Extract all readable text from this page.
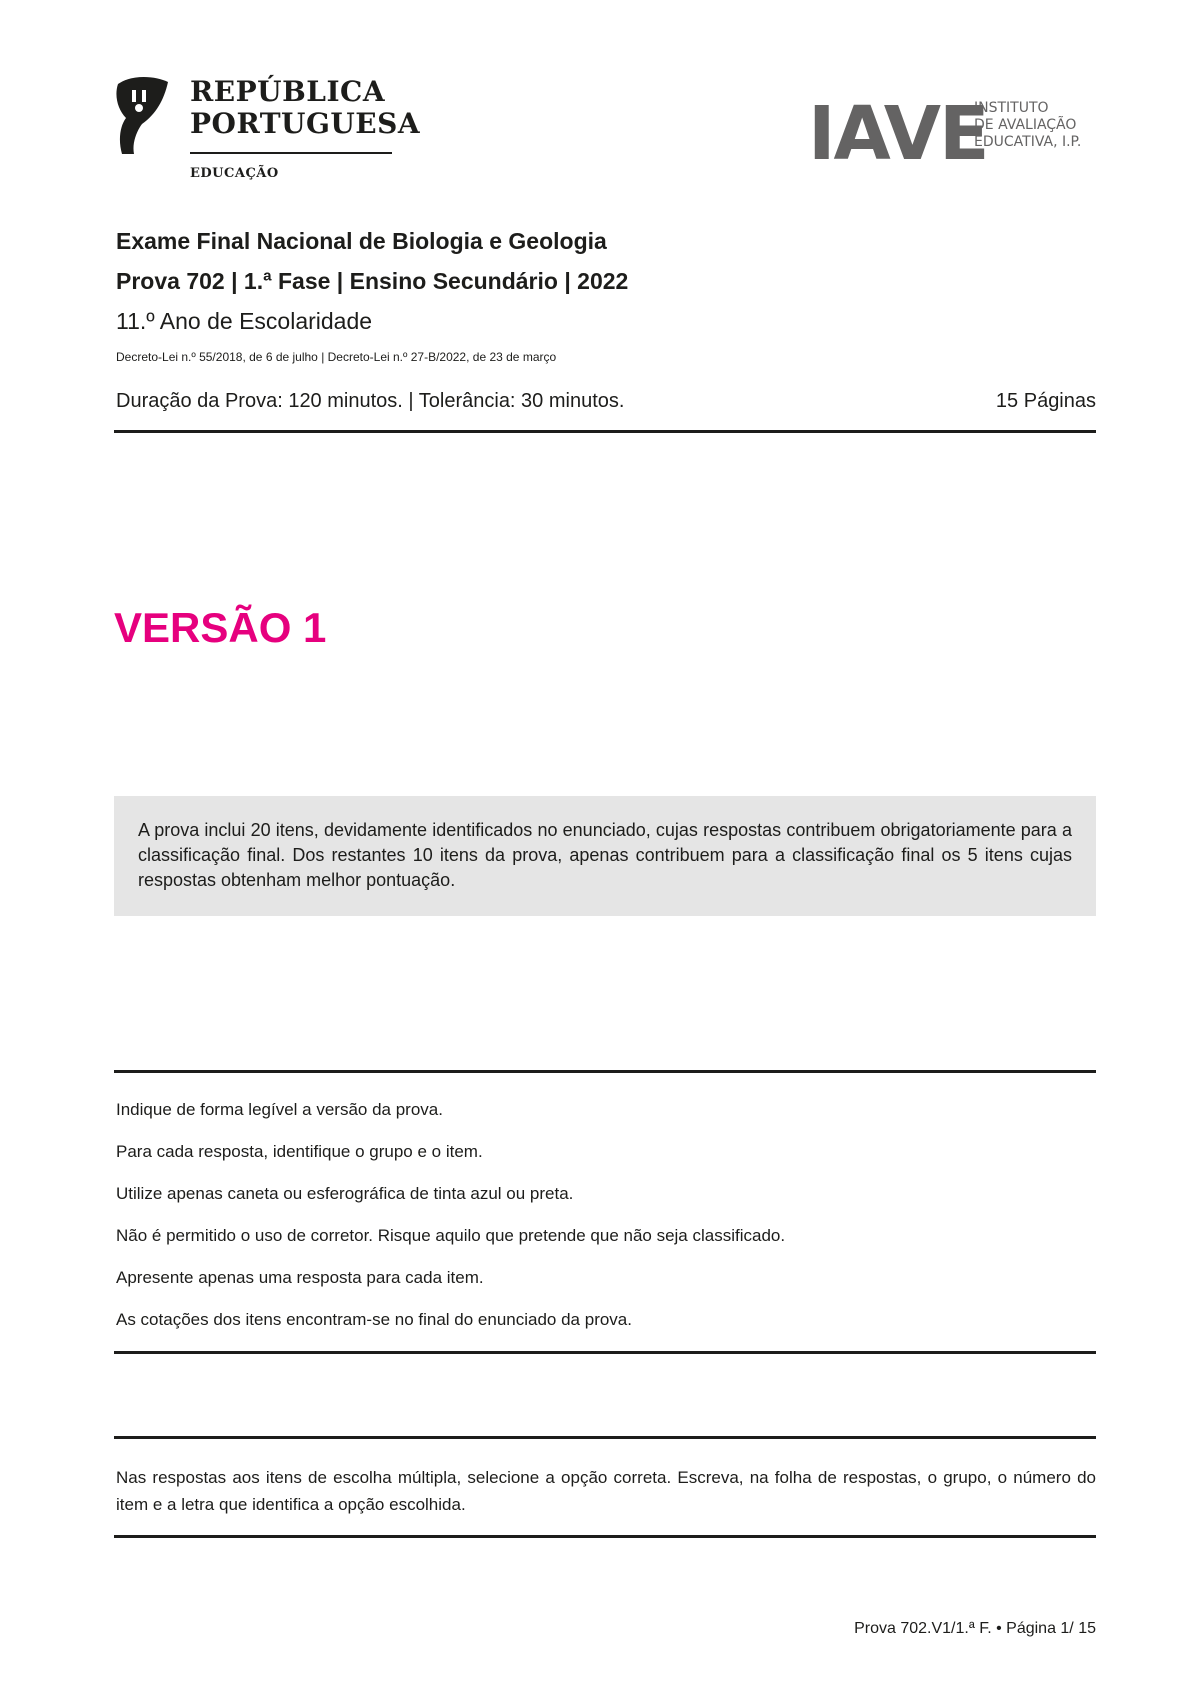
REPÚBLICA
PORTUGUESA
EDUCAÇÃO	IAVE
INSTITUTO
DE AVALIAÇÃO
EDUCATIVA, I.P.
Exame Final Nacional de Biologia e Geologia
Prova 702 | 1.ª Fase | Ensino Secundário | 2022
11.º Ano de Escolaridade
Decreto-Lei n.º 55/2018, de 6 de julho | Decreto-Lei n.º 27-B/2022, de 23 de março
Duração da Prova: 120 minutos. | Tolerância: 30 minutos.	15 Páginas
VERSÃO 1
A prova inclui 20 itens, devidamente identificados no enunciado, cujas respostas contribuem obrigatoriamente para a classificação final. Dos restantes 10 itens da prova, apenas contribuem para a classificação final os 5 itens cujas respostas obtenham melhor pontuação.
Indique de forma legível a versão da prova.
Para cada resposta, identifique o grupo e o item.
Utilize apenas caneta ou esferográfica de tinta azul ou preta.
Não é permitido o uso de corretor. Risque aquilo que pretende que não seja classificado.
Apresente apenas uma resposta para cada item.
As cotações dos itens encontram-se no final do enunciado da prova.
Nas respostas aos itens de escolha múltipla, selecione a opção correta. Escreva, na folha de respostas, o grupo, o número do item e a letra que identifica a opção escolhida.
Prova 702.V1/1.ª F. • Página 1/ 15
